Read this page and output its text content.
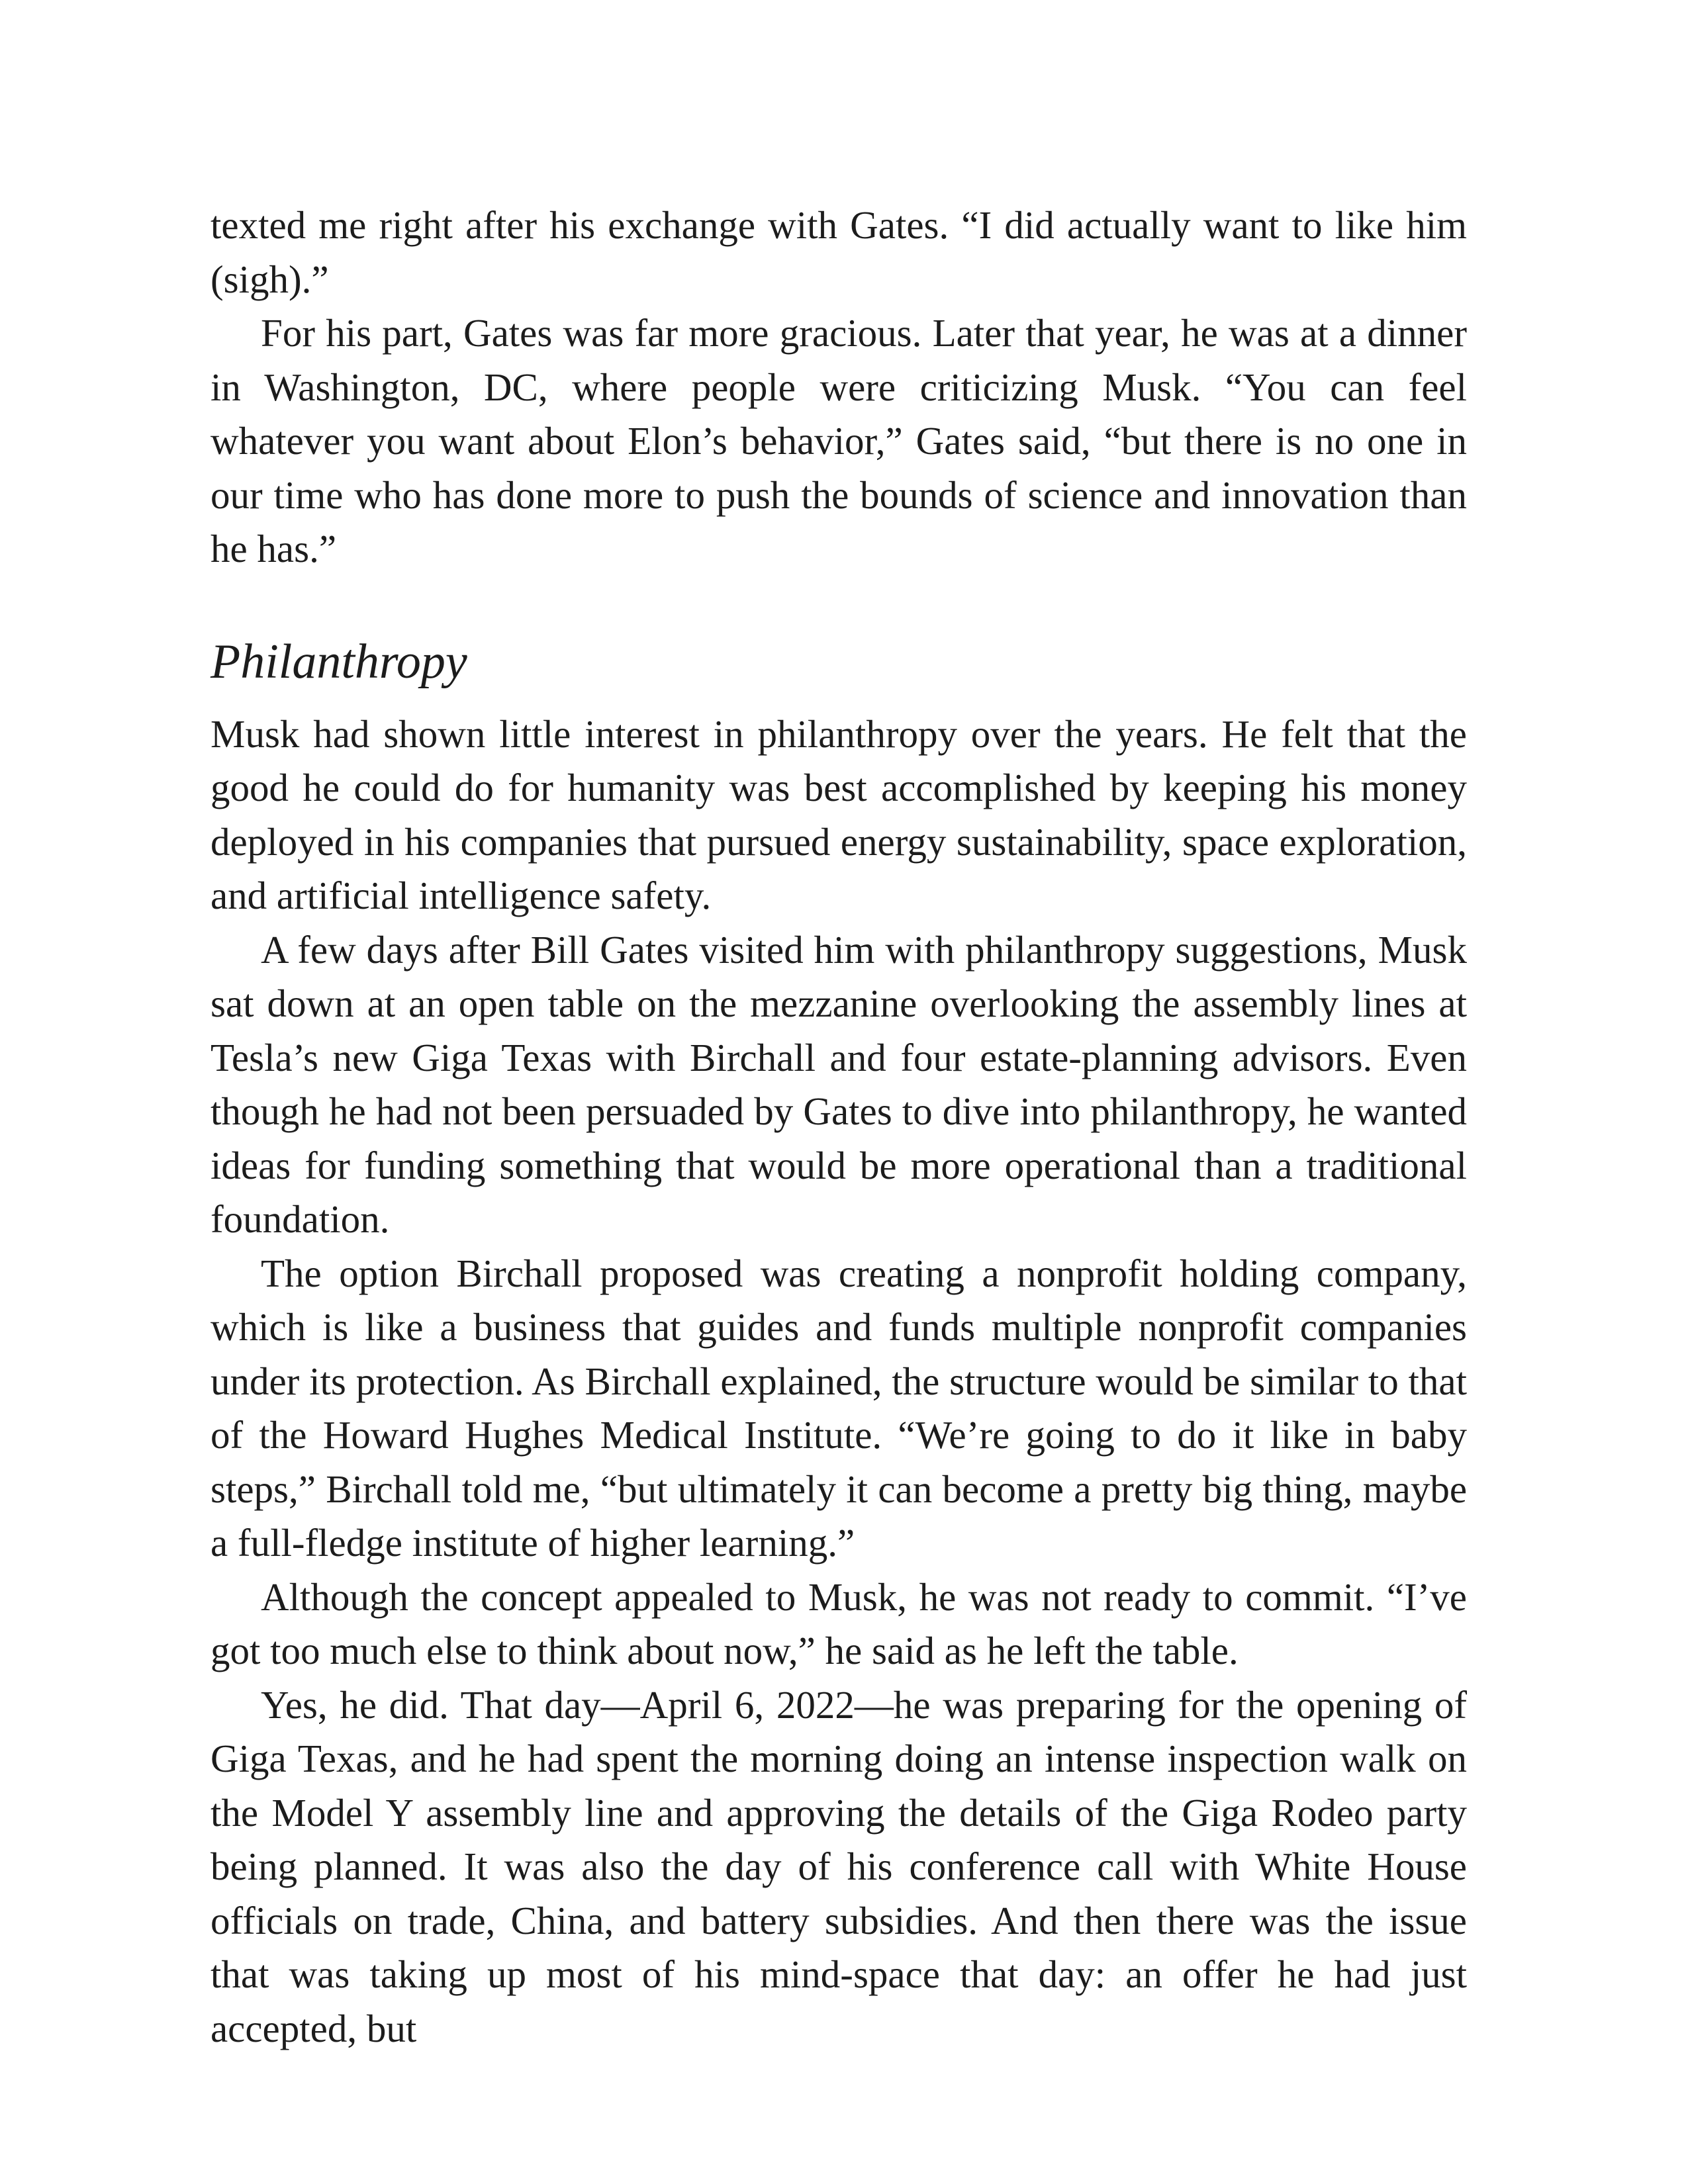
texted me right after his exchange with Gates. “I did actually want to like him (sigh).”

For his part, Gates was far more gracious. Later that year, he was at a dinner in Washington, DC, where people were criticizing Musk. “You can feel whatever you want about Elon’s behavior,” Gates said, “but there is no one in our time who has done more to push the bounds of science and innovation than he has.”

Philanthropy

Musk had shown little interest in philanthropy over the years. He felt that the good he could do for humanity was best accomplished by keeping his money deployed in his companies that pursued energy sustainability, space exploration, and artificial intelligence safety.

A few days after Bill Gates visited him with philanthropy suggestions, Musk sat down at an open table on the mezzanine overlooking the assembly lines at Tesla’s new Giga Texas with Birchall and four estate-planning advisors. Even though he had not been persuaded by Gates to dive into philanthropy, he wanted ideas for funding something that would be more operational than a traditional foundation.

The option Birchall proposed was creating a nonprofit holding company, which is like a business that guides and funds multiple nonprofit companies under its protection. As Birchall explained, the structure would be similar to that of the Howard Hughes Medical Institute. “We’re going to do it like in baby steps,” Birchall told me, “but ultimately it can become a pretty big thing, maybe a full-fledge institute of higher learning.”

Although the concept appealed to Musk, he was not ready to commit. “I’ve got too much else to think about now,” he said as he left the table.

Yes, he did. That day—April 6, 2022—he was preparing for the opening of Giga Texas, and he had spent the morning doing an intense inspection walk on the Model Y assembly line and approving the details of the Giga Rodeo party being planned. It was also the day of his conference call with White House officials on trade, China, and battery subsidies. And then there was the issue that was taking up most of his mind-space that day: an offer he had just accepted, but
